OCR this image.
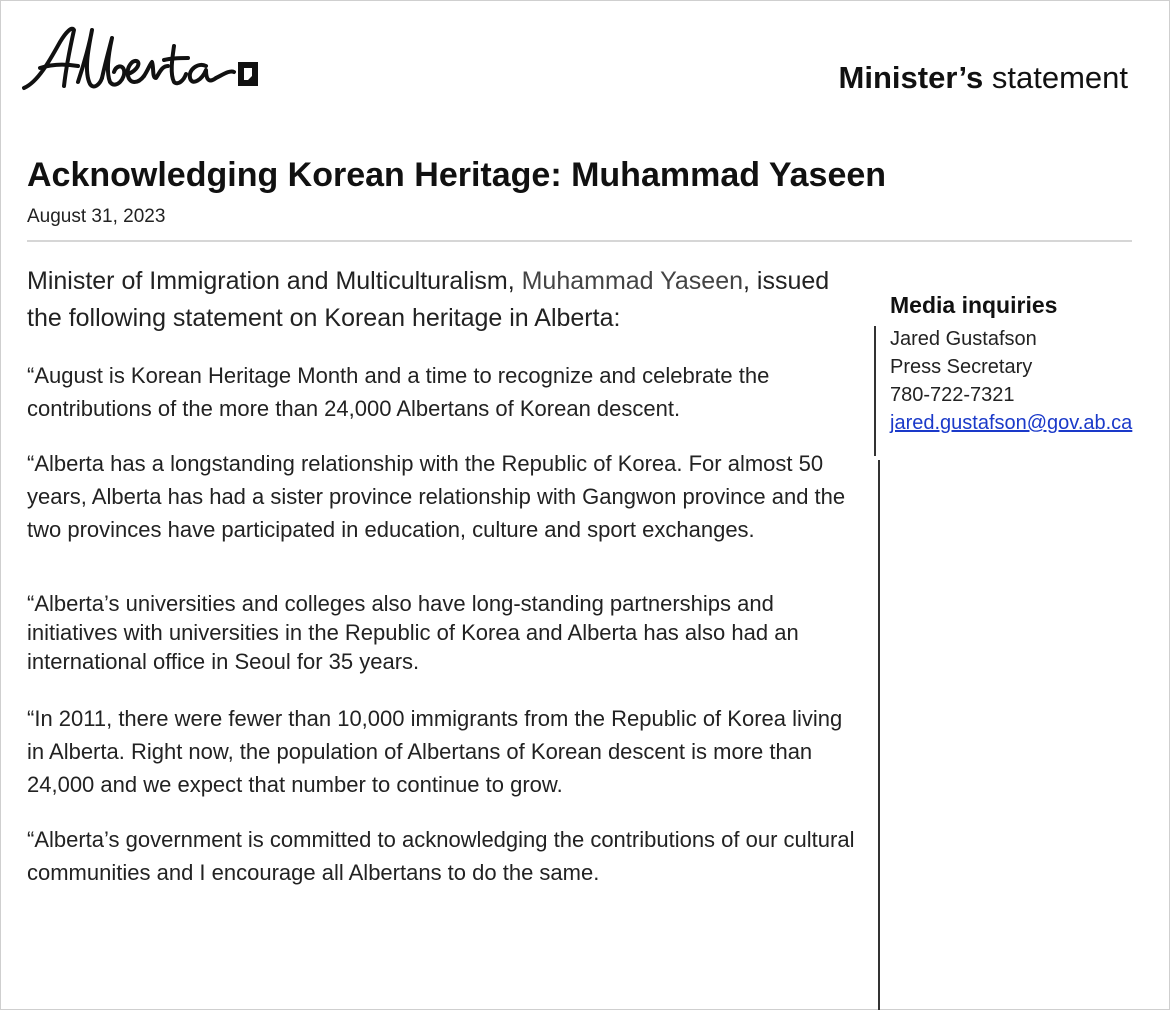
Minister’s statement
Acknowledging Korean Heritage: Muhammad Yaseen
August 31, 2023

Minister of Immigration and Multiculturalism, Muhammad Yaseen, issued the following statement on Korean heritage in Alberta:

“August is Korean Heritage Month and a time to recognize and celebrate the contributions of the more than 24,000 Albertans of Korean descent.

“Alberta has a longstanding relationship with the Republic of Korea. For almost 50 years, Alberta has had a sister province relationship with Gangwon province and the two provinces have participated in education, culture and sport exchanges.

“Alberta’s universities and colleges also have long-standing partnerships and initiatives with universities in the Republic of Korea and Alberta has also had an international office in Seoul for 35 years.

“In 2011, there were fewer than 10,000 immigrants from the Republic of Korea living in Alberta. Right now, the population of Albertans of Korean descent is more than 24,000 and we expect that number to continue to grow.

“Alberta’s government is committed to acknowledging the contributions of our cultural communities and I encourage all Albertans to do the same.

Media inquiries
Jared Gustafson
Press Secretary
780-722-7321
jared.gustafson@gov.ab.ca
